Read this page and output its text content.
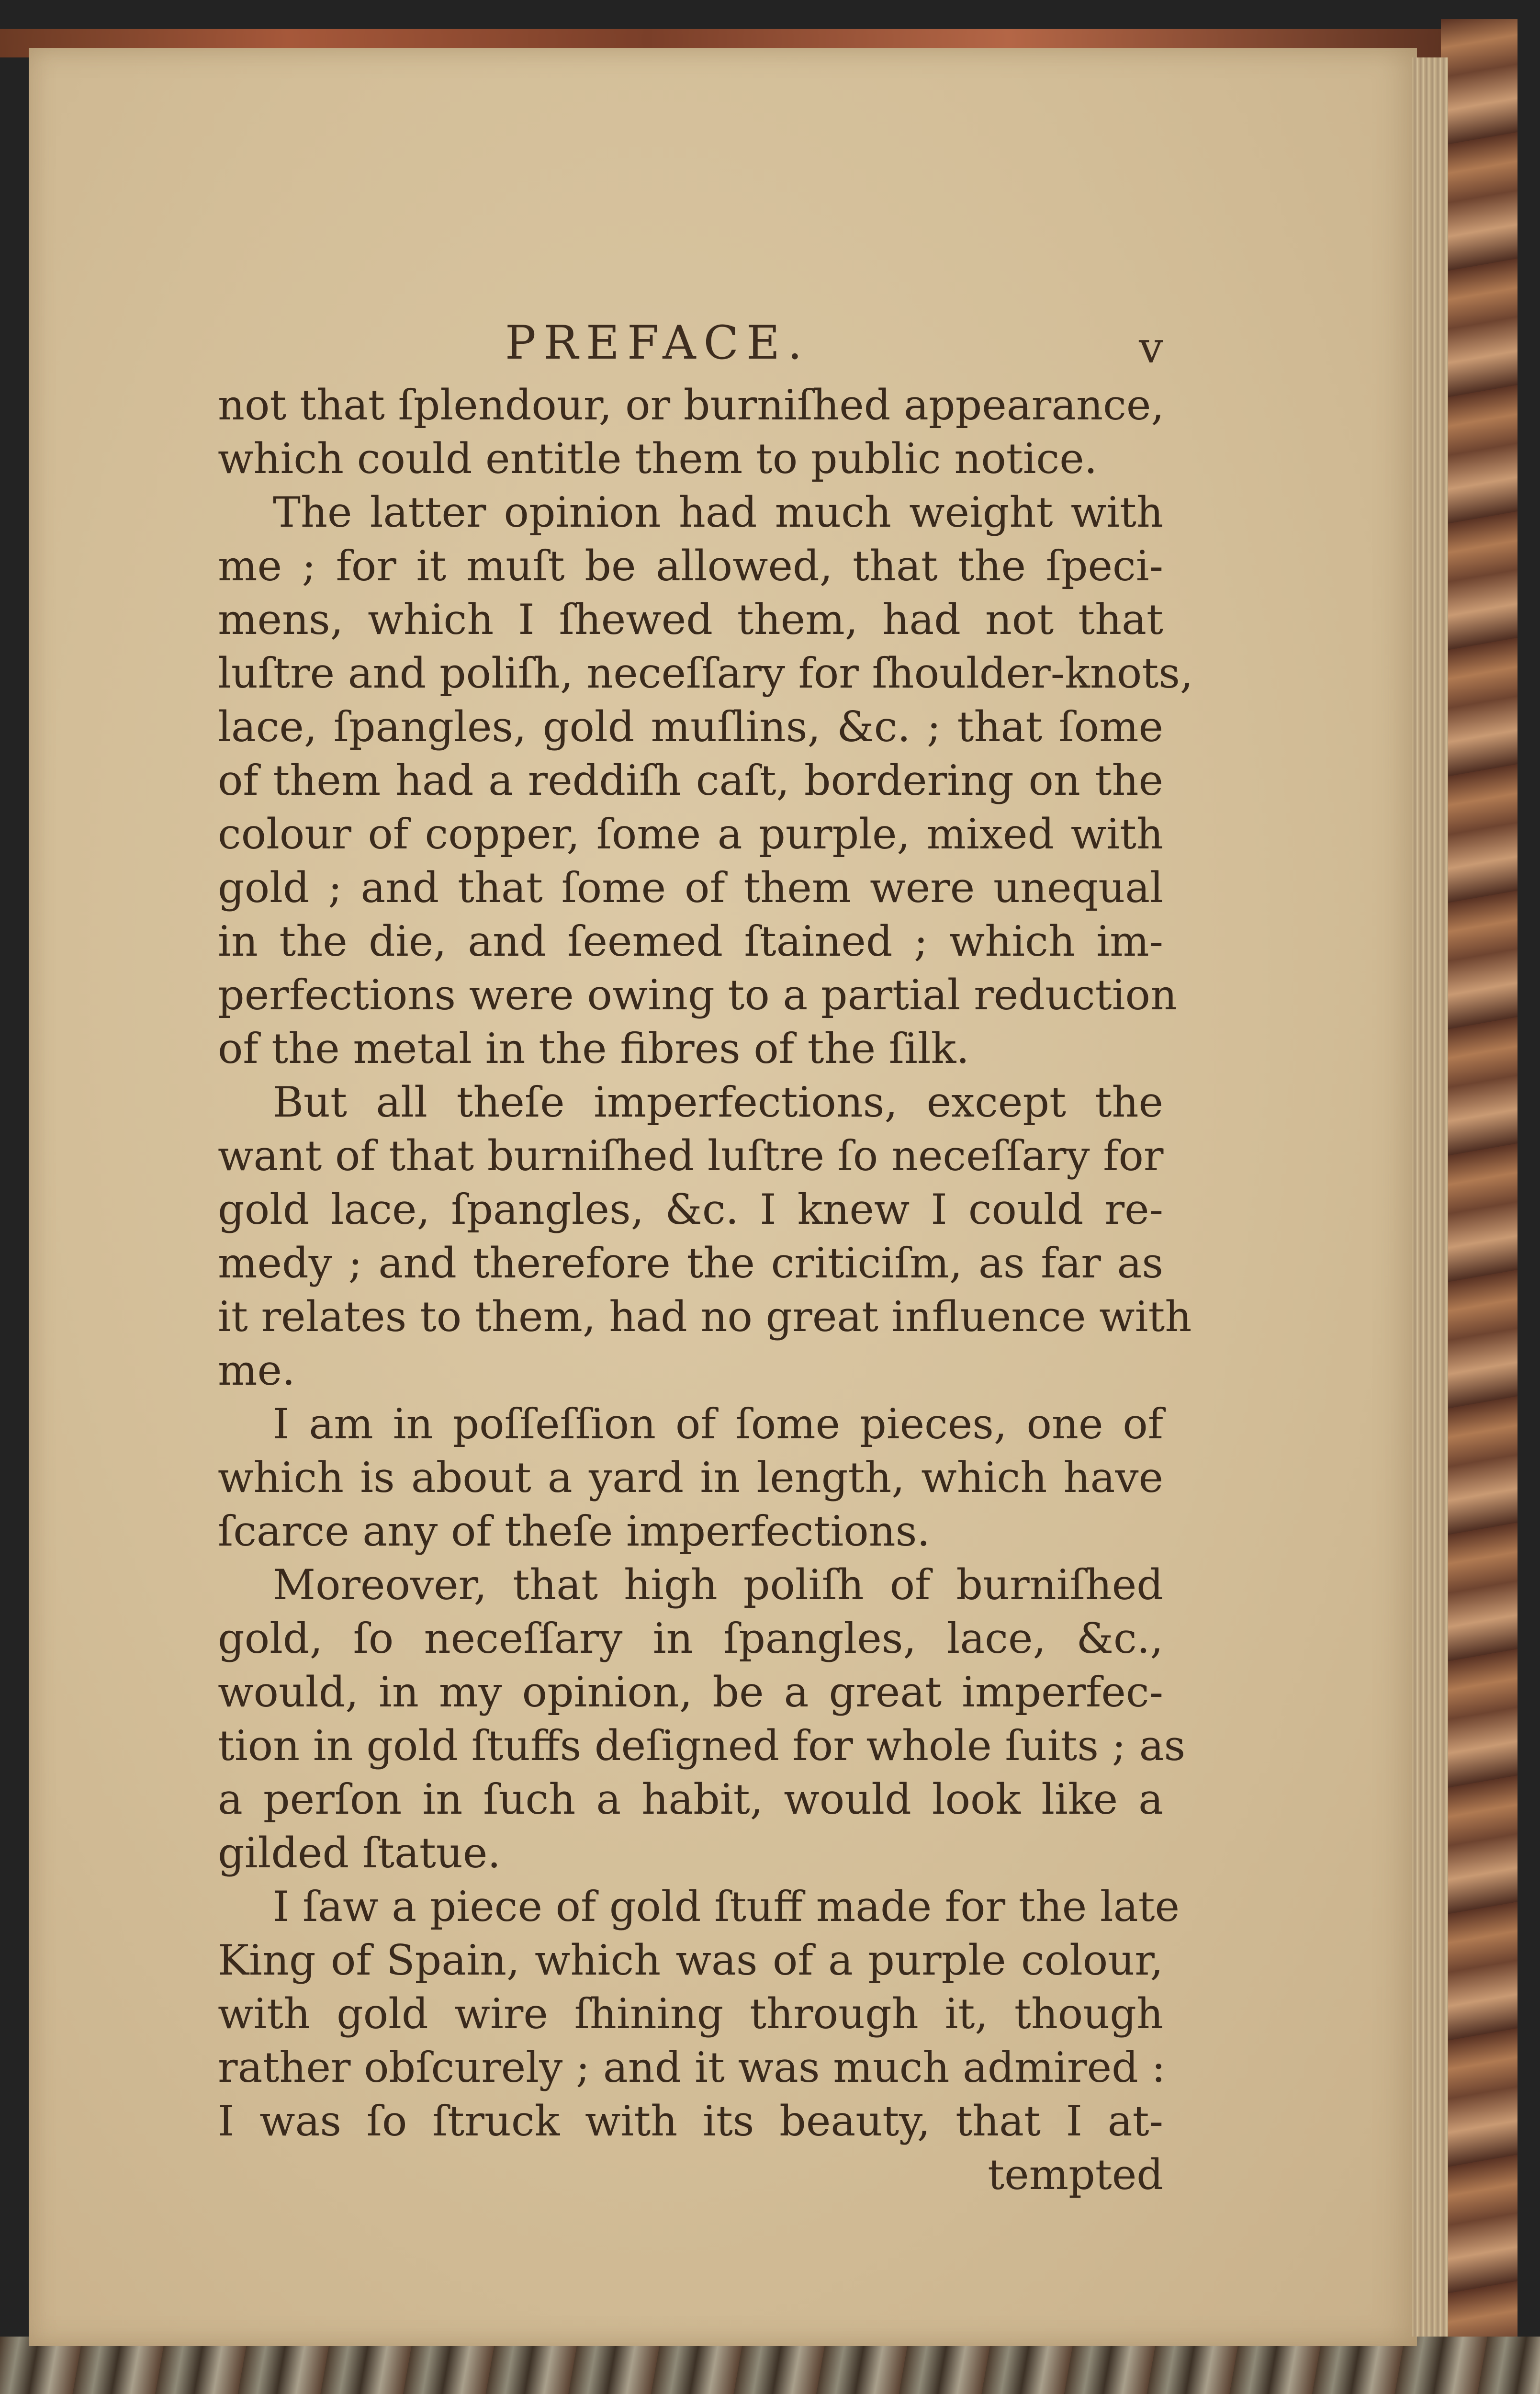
PREFACE.	v
not that ſplendour, or burniſhed appearance,
which could entitle them to public notice.
The latter opinion had much weight with
me ; for it muſt be allowed, that the ſpeci-
mens, which I ſhewed them, had not that
luſtre and poliſh, neceſſary for ſhoulder-knots,
lace, ſpangles, gold muſlins, &c. ; that ſome
of them had a reddiſh caſt, bordering on the
colour of copper, ſome a purple, mixed with
gold ; and that ſome of them were unequal
in the die, and ſeemed ſtained ; which im-
perfections were owing to a partial reduction
of the metal in the fibres of the ſilk.
But all theſe imperfections, except the
want of that burniſhed luſtre ſo neceſſary for
gold lace, ſpangles, &c. I knew I could re-
medy ; and therefore the criticiſm, as far as
it relates to them, had no great influence with
me.
I am in poſſeſſion of ſome pieces, one of
which is about a yard in length, which have
ſcarce any of theſe imperfections.
Moreover, that high poliſh of burniſhed
gold, ſo neceſſary in ſpangles, lace, &c.,
would, in my opinion, be a great imperfec-
tion in gold ſtuffs deſigned for whole ſuits ; as
a perſon in ſuch a habit, would look like a
gilded ſtatue.
I ſaw a piece of gold ſtuff made for the late
King of Spain, which was of a purple colour,
with gold wire ſhining through it, though
rather obſcurely ; and it was much admired :
I was ſo ſtruck with its beauty, that I at-
tempted
